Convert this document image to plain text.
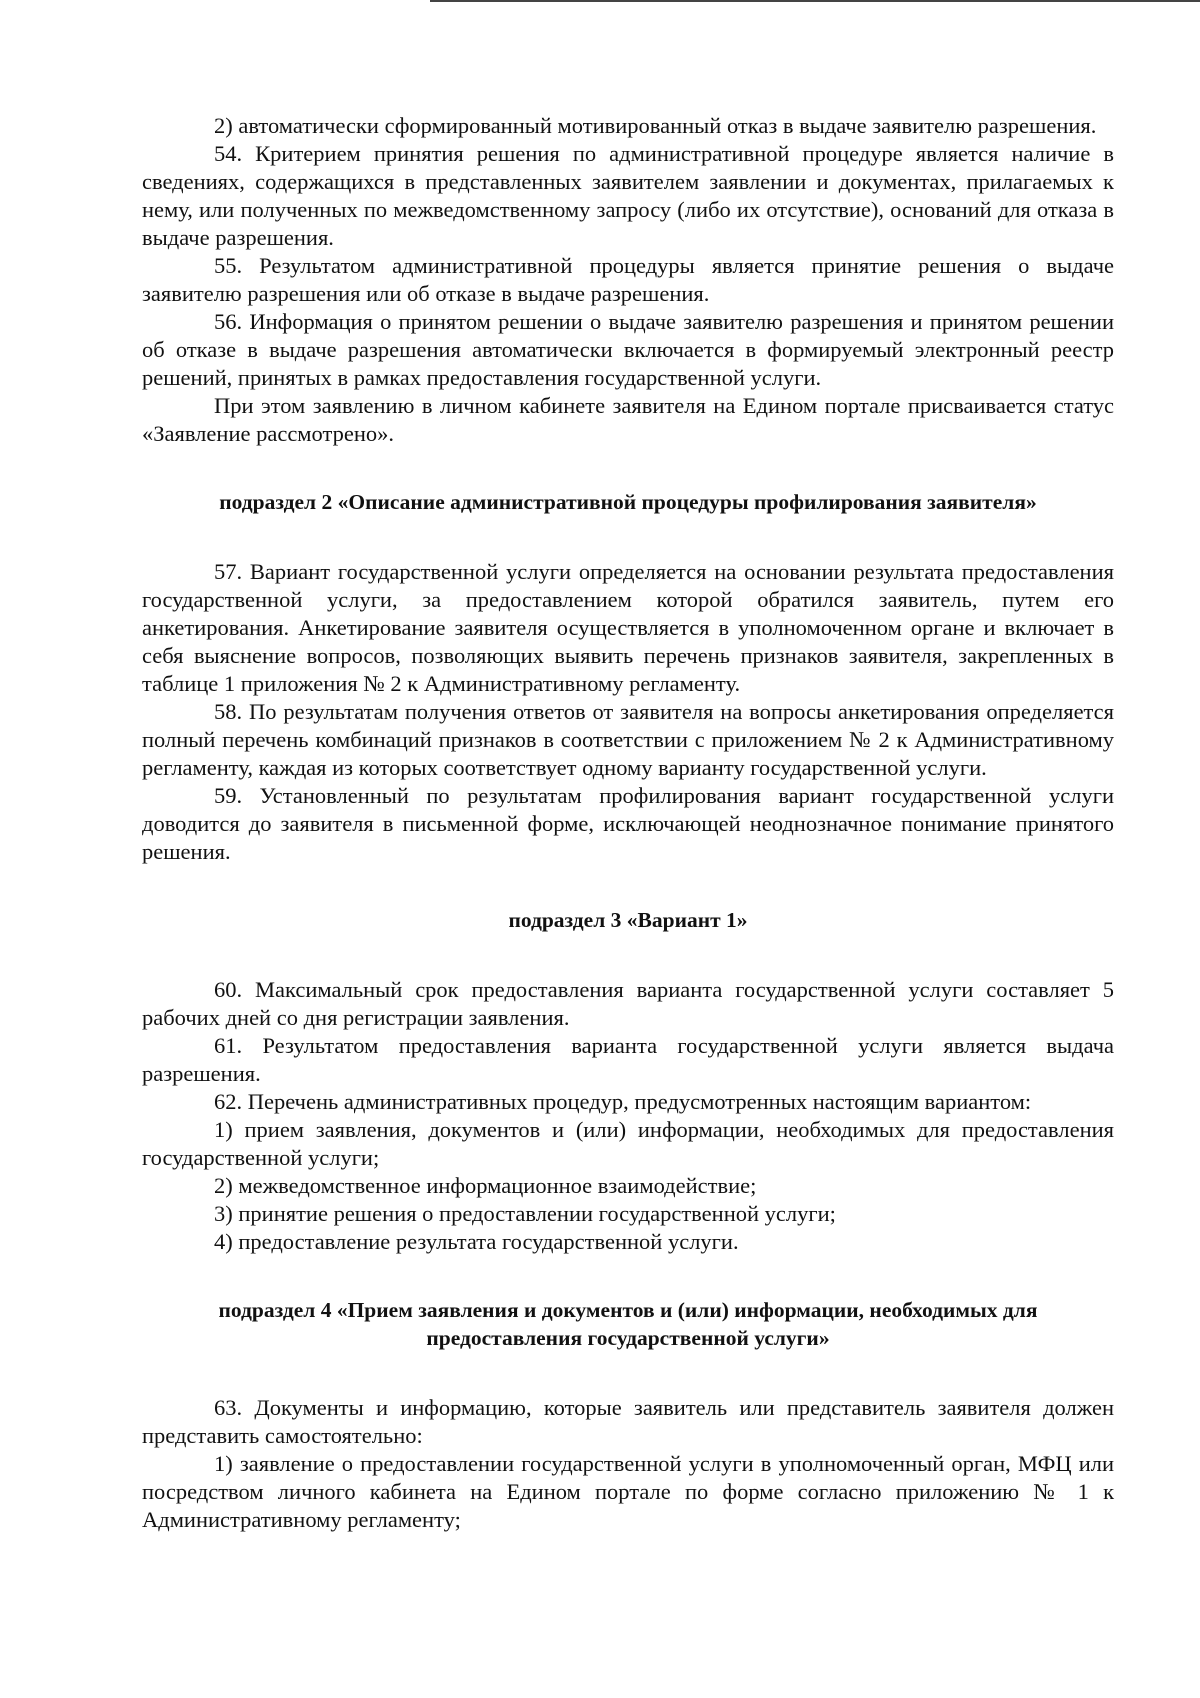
2) автоматически сформированный мотивированный отказ в выдаче заявителю разрешения.

54. Критерием принятия решения по административной процедуре является наличие в сведениях, содержащихся в представленных заявителем заявлении и документах, прилагаемых к нему, или полученных по межведомственному запросу (либо их отсутствие), оснований для отказа в выдаче разрешения.

55. Результатом административной процедуры является принятие решения о выдаче заявителю разрешения или об отказе в выдаче разрешения.

56. Информация о принятом решении о выдаче заявителю разрешения и принятом решении об отказе в выдаче разрешения автоматически включается в формируемый электронный реестр решений, принятых в рамках предоставления государственной услуги.

При этом заявлению в личном кабинете заявителя на Едином портале присваивается статус «Заявление рассмотрено».

подраздел 2 «Описание административной процедуры профилирования заявителя»

57. Вариант государственной услуги определяется на основании результата предоставления государственной услуги, за предоставлением которой обратился заявитель, путем его анкетирования. Анкетирование заявителя осуществляется в уполномоченном органе и включает в себя выяснение вопросов, позволяющих выявить перечень признаков заявителя, закрепленных в таблице 1 приложения № 2 к Административному регламенту.

58. По результатам получения ответов от заявителя на вопросы анкетирования определяется полный перечень комбинаций признаков в соответствии с приложением № 2 к Административному регламенту, каждая из которых соответствует одному варианту государственной услуги.

59. Установленный по результатам профилирования вариант государственной услуги доводится до заявителя в письменной форме, исключающей неоднозначное понимание принятого решения.

подраздел 3 «Вариант 1»

60. Максимальный срок предоставления варианта государственной услуги составляет 5 рабочих дней со дня регистрации заявления.

61. Результатом предоставления варианта государственной услуги является выдача разрешения.

62. Перечень административных процедур, предусмотренных настоящим вариантом:

1) прием заявления, документов и (или) информации, необходимых для предоставления государственной услуги;

2) межведомственное информационное взаимодействие;

3) принятие решения о предоставлении государственной услуги;

4) предоставление результата государственной услуги.

подраздел 4 «Прием заявления и документов и (или) информации, необходимых для предоставления государственной услуги»

63. Документы и информацию, которые заявитель или представитель заявителя должен представить самостоятельно:

1) заявление о предоставлении государственной услуги в уполномоченный орган, МФЦ или посредством личного кабинета на Едином портале по форме согласно приложению № 1 к Административному регламенту;
